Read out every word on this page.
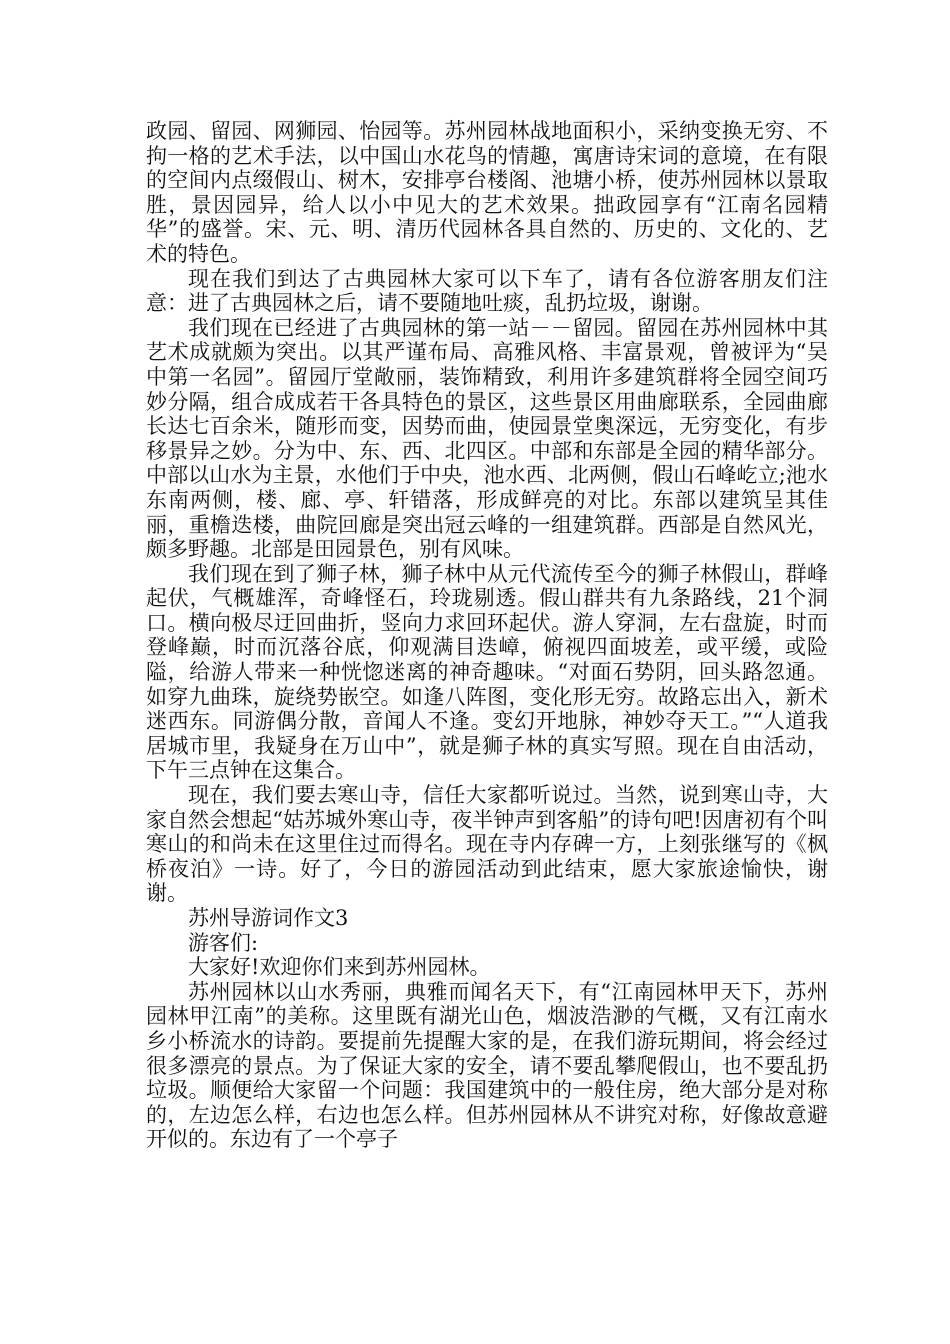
政园、留园、网狮园、怡园等。苏州园林战地面积小，采纳变换无穷、不拘一格的艺术手法，以中国山水花鸟的情趣，寓唐诗宋词的意境，在有限的空间内点缀假山、树木，安排亭台楼阁、池塘小桥，使苏州园林以景取胜，景因园异，给人以小中见大的艺术效果。拙政园享有“江南名园精华”的盛誉。宋、元、明、清历代园林各具自然的、历史的、文化的、艺术的特色。

现在我们到达了古典园林大家可以下车了，请有各位游客朋友们注意：进了古典园林之后，请不要随地吐痰，乱扔垃圾，谢谢。

我们现在已经进了古典园林的第一站－－留园。留园在苏州园林中其艺术成就颇为突出。以其严谨布局、高雅风格、丰富景观，曾被评为“吴中第一名园”。留园厅堂敞丽，装饰精致，利用许多建筑群将全园空间巧妙分隔，组合成成若干各具特色的景区，这些景区用曲廊联系，全园曲廊长达七百余米，随形而变，因势而曲，使园景堂奥深远，无穷变化，有步移景异之妙。分为中、东、西、北四区。中部和东部是全园的精华部分。中部以山水为主景，水他们于中央，池水西、北两侧，假山石峰屹立;池水东南两侧，楼、廊、亭、轩错落，形成鲜亮的对比。东部以建筑呈其佳丽，重檐迭楼，曲院回廊是突出冠云峰的一组建筑群。西部是自然风光，颇多野趣。北部是田园景色，别有风味。

我们现在到了狮子林，狮子林中从元代流传至今的狮子林假山，群峰起伏，气概雄浑，奇峰怪石，玲珑剔透。假山群共有九条路线，21个洞口。横向极尽迂回曲折，竖向力求回环起伏。游人穿洞，左右盘旋，时而登峰巅，时而沉落谷底，仰观满目迭嶂，俯视四面坡差，或平缓，或险隘，给游人带来一种恍惚迷离的神奇趣味。“对面石势阴，回头路忽通。如穿九曲珠，旋绕势嵌空。如逢八阵图，变化形无穷。故路忘出入，新术迷西东。同游偶分散，音闻人不逢。变幻开地脉，神妙夺天工。”“人道我居城市里，我疑身在万山中”，就是狮子林的真实写照。现在自由活动，下午三点钟在这集合。

现在，我们要去寒山寺，信任大家都听说过。当然，说到寒山寺，大家自然会想起“姑苏城外寒山寺，夜半钟声到客船”的诗句吧!因唐初有个叫寒山的和尚未在这里住过而得名。现在寺内存碑一方，上刻张继写的《枫桥夜泊》一诗。好了，今日的游园活动到此结束，愿大家旅途愉快，谢谢。

苏州导游词作文3

游客们:

大家好!欢迎你们来到苏州园林。

苏州园林以山水秀丽，典雅而闻名天下，有“江南园林甲天下，苏州园林甲江南”的美称。这里既有湖光山色，烟波浩渺的气概，又有江南水乡小桥流水的诗韵。要提前先提醒大家的是，在我们游玩期间，将会经过很多漂亮的景点。为了保证大家的安全，请不要乱攀爬假山，也不要乱扔垃圾。顺便给大家留一个问题：我国建筑中的一般住房，绝大部分是对称的，左边怎么样，右边也怎么样。但苏州园林从不讲究对称，好像故意避开似的。东边有了一个亭子
